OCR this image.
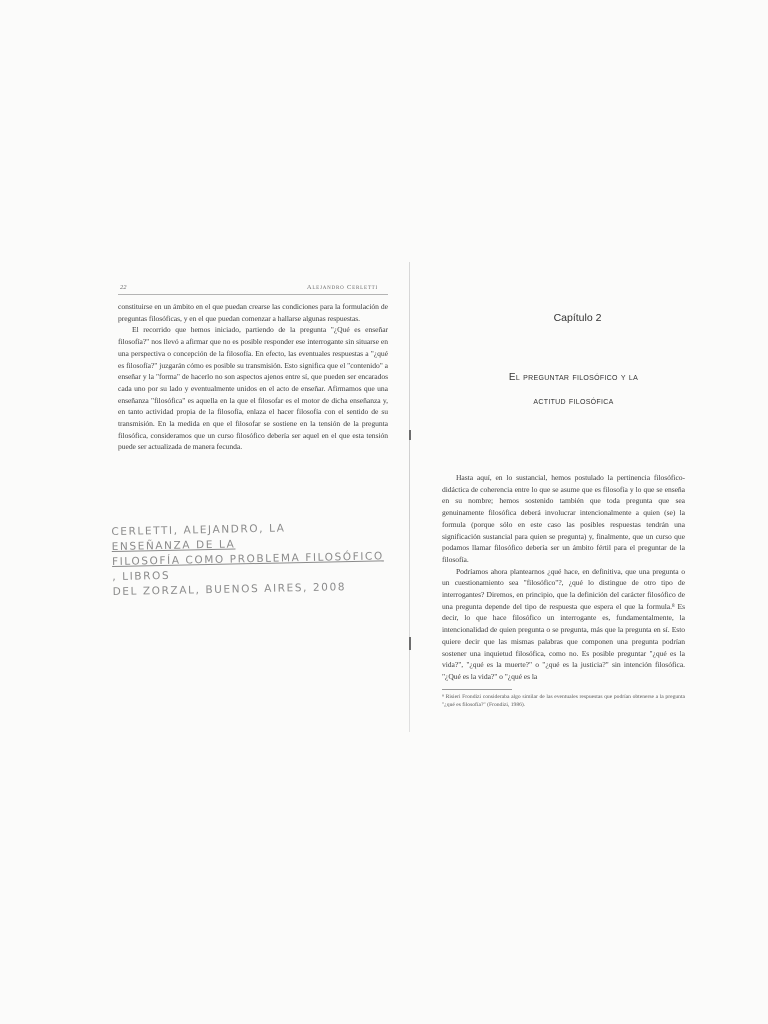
22	Alejandro Cerletti

constituirse en un ámbito en el que puedan crearse las condiciones para la formulación de preguntas filosóficas, y en el que puedan comenzar a hallarse algunas respuestas.

El recorrido que hemos iniciado, partiendo de la pregunta "¿Qué es enseñar filosofía?" nos llevó a afirmar que no es posible responder ese interrogante sin situarse en una perspectiva o concepción de la filosofía. En efecto, las eventuales respuestas a "¿qué es filosofía?" juzgarán cómo es posible su transmisión. Esto significa que el "contenido" a enseñar y la "forma" de hacerlo no son aspectos ajenos entre sí, que pueden ser encarados cada uno por su lado y eventualmente unidos en el acto de enseñar. Afirmamos que una enseñanza "filosófica" es aquella en la que el filosofar es el motor de dicha enseñanza y, en tanto actividad propia de la filosofía, enlaza el hacer filosofía con el sentido de su transmisión. En la medida en que el filosofar se sostiene en la tensión de la pregunta filosófica, consideramos que un curso filosófico debería ser aquel en el que esta tensión puede ser actualizada de manera fecunda.

CERLETTI, ALEJANDRO, LA
ENSEÑANZA DE LA
FILOSOFÍA COMO PROBLEMA FILOSÓFICO
, LIBROS
DEL ZORZAL, BUENOS AIRES, 2008
Capítulo 2
El preguntar filosófico y la
actitud filosófica

Hasta aquí, en lo sustancial, hemos postulado la pertinencia filosófico-didáctica de coherencia entre lo que se asume que es filosofía y lo que se enseña en su nombre; hemos sostenido también que toda pregunta que sea genuinamente filosófica deberá involucrar intencionalmente a quien (se) la formula (porque sólo en este caso las posibles respuestas tendrán una significación sustancial para quien se pregunta) y, finalmente, que un curso que podamos llamar filosófico debería ser un ámbito fértil para el preguntar de la filosofía.

Podríamos ahora plantearnos ¿qué hace, en definitiva, que una pregunta o un cuestionamiento sea "filosófico"?, ¿qué lo distingue de otro tipo de interrogantes? Diremos, en principio, que la definición del carácter filosófico de una pregunta depende del tipo de respuesta que espera el que la formula.⁸ Es decir, lo que hace filosófico un interrogante es, fundamentalmente, la intencionalidad de quien pregunta o se pregunta, más que la pregunta en sí. Esto quiere decir que las mismas palabras que componen una pregunta podrían sostener una inquietud filosófica, como no. Es posible preguntar "¿qué es la vida?", "¿qué es la muerte?" o "¿qué es la justicia?" sin intención filosófica. "¿Qué es la vida?" o "¿qué es la

⁸ Risieri Frondizi consideraba algo similar de las eventuales respuestas que podrían obtenerse a la pregunta "¿qué es filosofía?" (Frondizi, 1986).
